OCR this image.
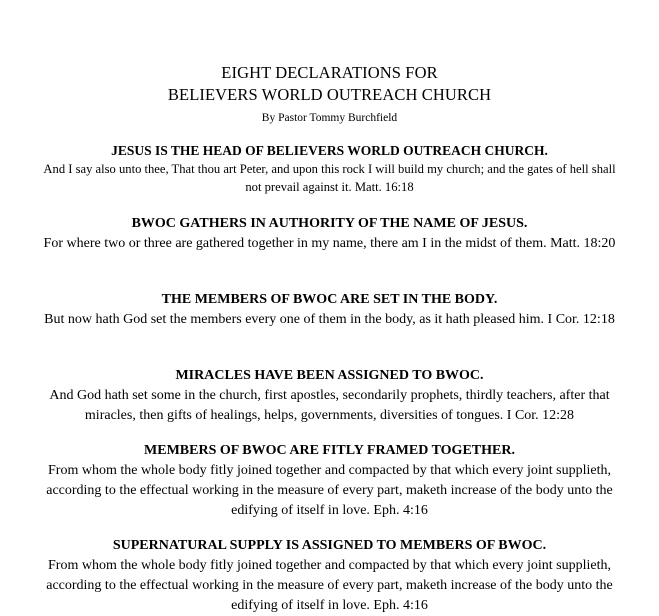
EIGHT DECLARATIONS FOR
BELIEVERS WORLD OUTREACH CHURCH
By Pastor Tommy Burchfield
JESUS IS THE HEAD OF BELIEVERS WORLD OUTREACH CHURCH.
And I say also unto thee, That thou art Peter, and upon this rock I will build my church; and the gates of hell shall not prevail against it. Matt. 16:18
BWOC GATHERS IN AUTHORITY OF THE NAME OF JESUS.
For where two or three are gathered together in my name, there am I in the midst of them. Matt. 18:20
THE MEMBERS OF BWOC ARE SET IN THE BODY.
But now hath God set the members every one of them in the body, as it hath pleased him. I Cor. 12:18
MIRACLES HAVE BEEN ASSIGNED TO BWOC.
And God hath set some in the church, first apostles, secondarily prophets, thirdly teachers, after that miracles, then gifts of healings, helps, governments, diversities of tongues. I Cor. 12:28
MEMBERS OF BWOC ARE FITLY FRAMED TOGETHER.
From whom the whole body fitly joined together and compacted by that which every joint supplieth, according to the effectual working in the measure of every part, maketh increase of the body unto the edifying of itself in love. Eph. 4:16
SUPERNATURAL SUPPLY IS ASSIGNED TO MEMBERS OF BWOC.
From whom the whole body fitly joined together and compacted by that which every joint supplieth, according to the effectual working in the measure of every part, maketh increase of the body unto the edifying of itself in love. Eph. 4:16
